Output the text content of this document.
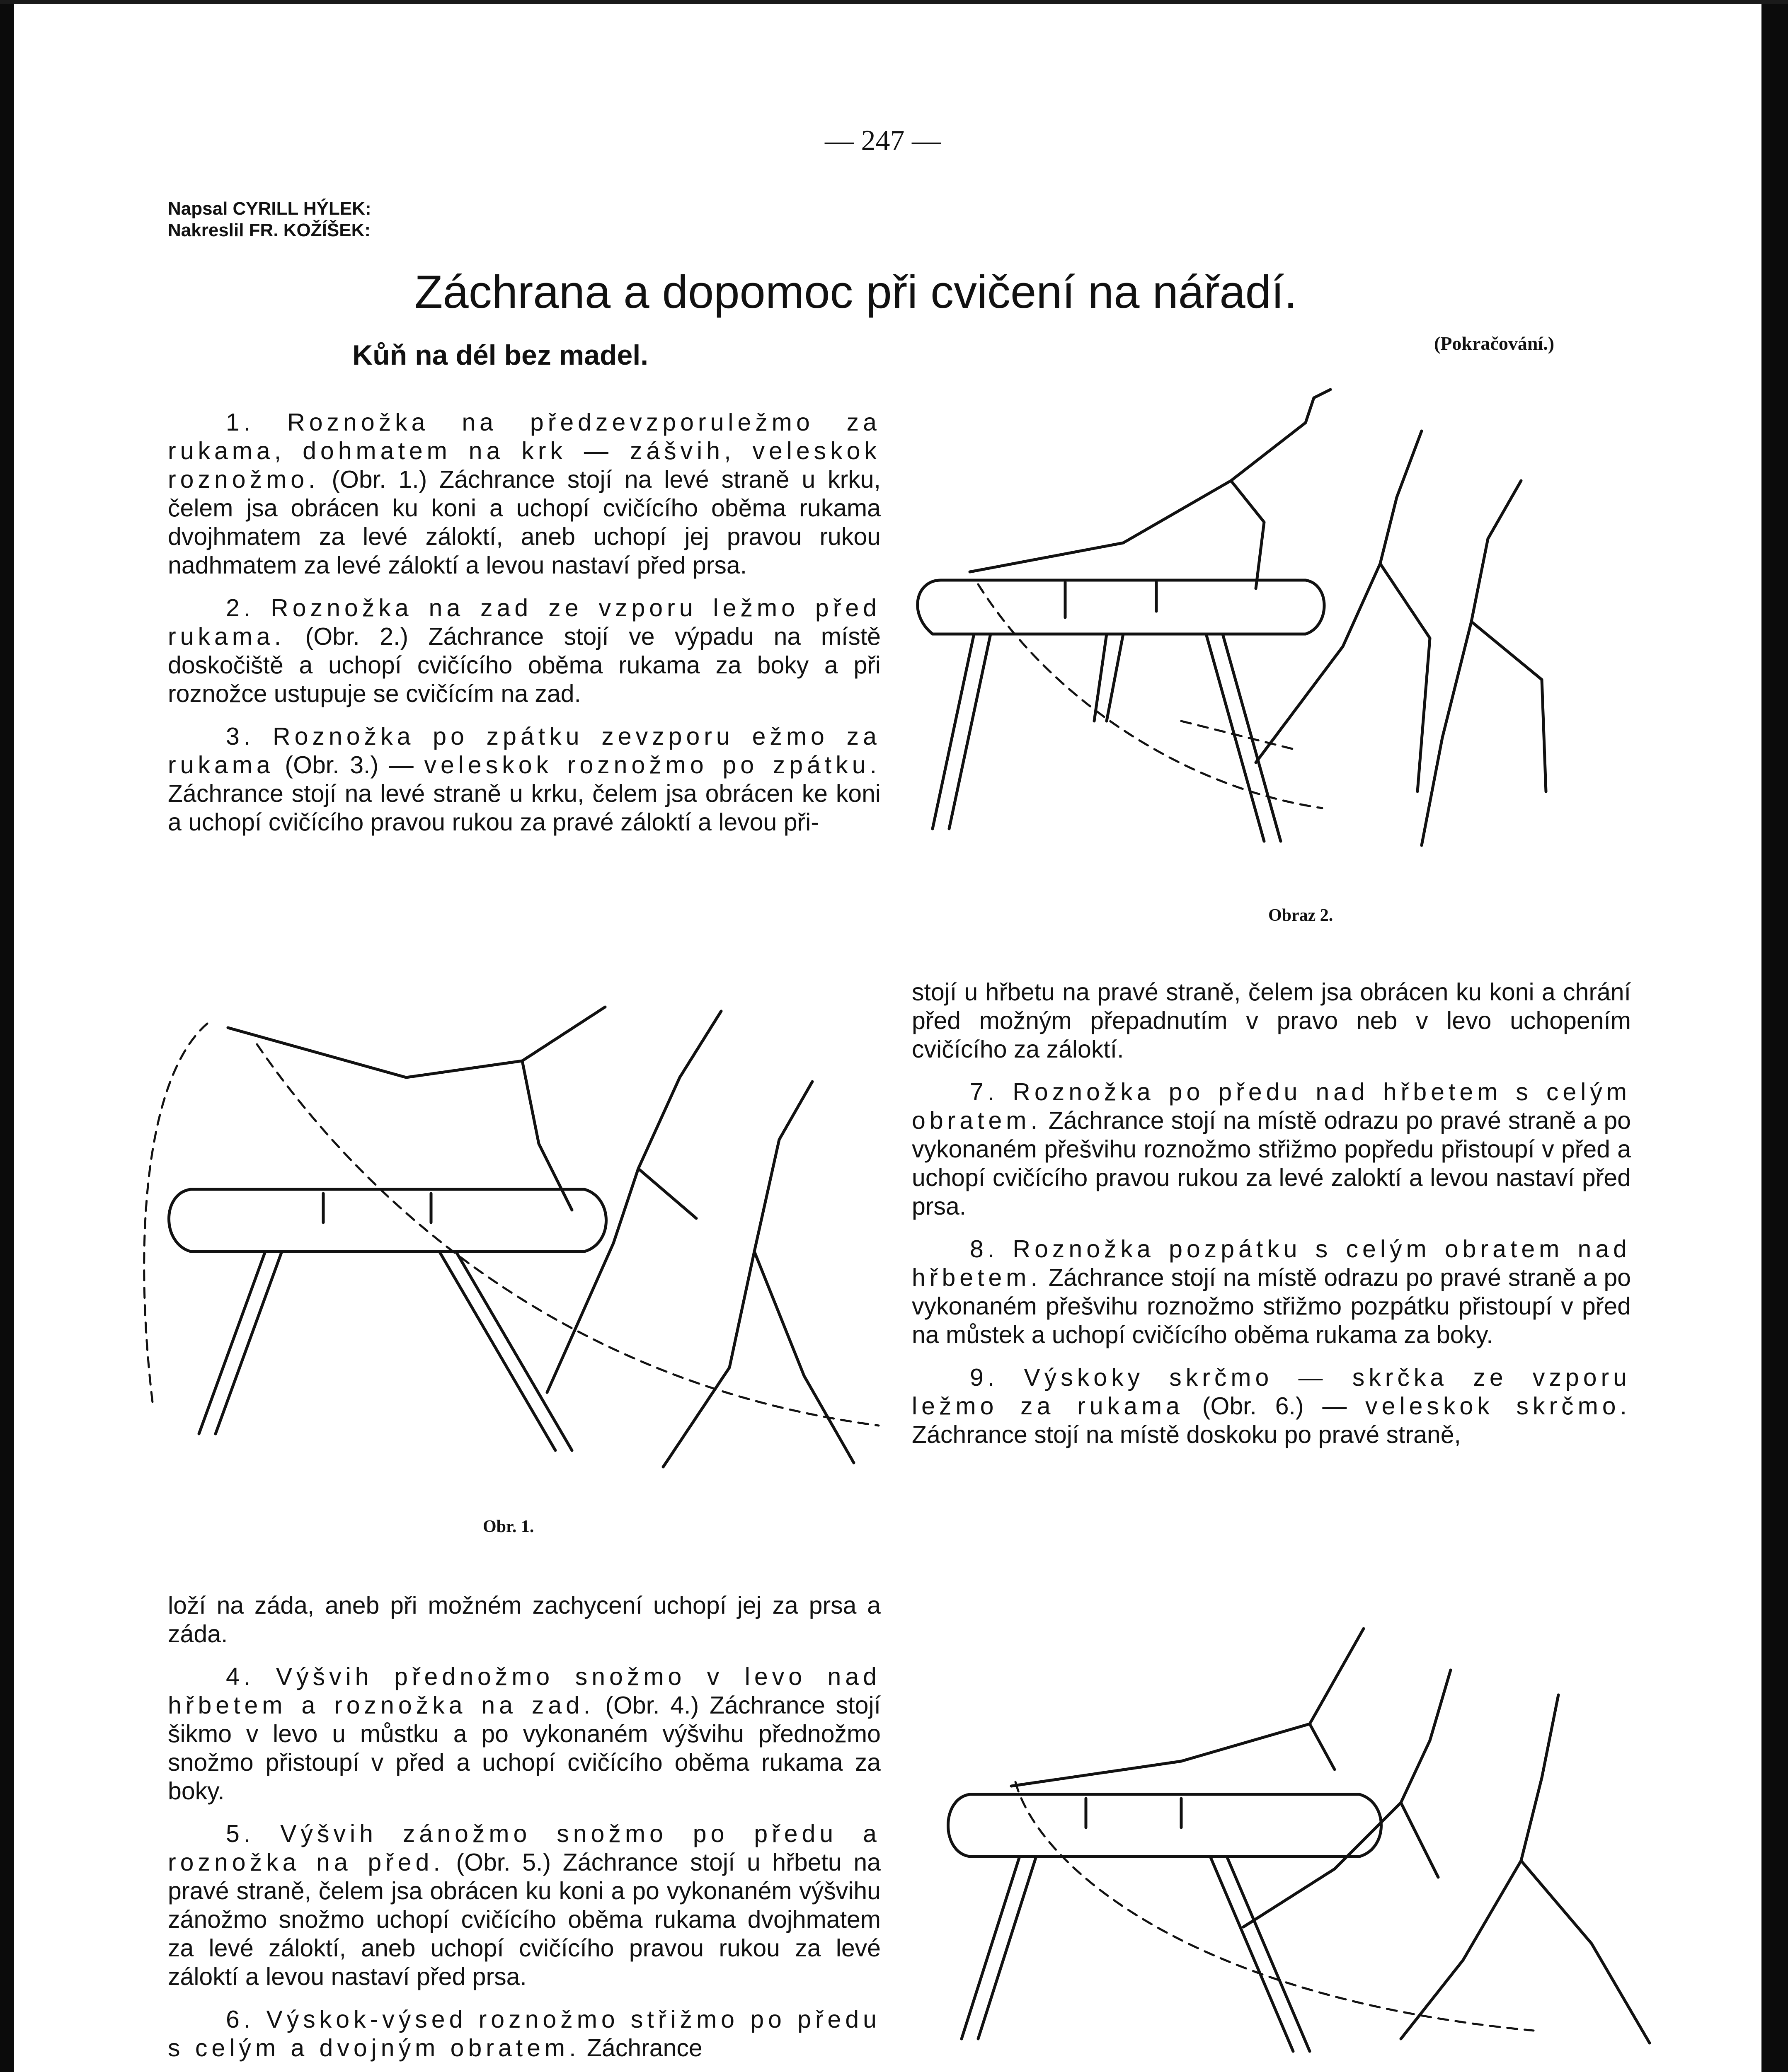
— 247 —
Napsal CYRILL HÝLEK:
Nakreslil FR. KOŽÍŠEK:
Záchrana a dopomoc při cvičení na nářadí.
(Pokračování.)
Kůň na dél bez madel.

1. Roznožka na předzevzporuležmo za rukama, dohmatem na krk — zášvih, veleskok roznožmo. (Obr. 1.) Záchrance stojí na levé straně u krku, čelem jsa obrácen ku koni a uchopí cvičícího oběma rukama dvojhmatem za levé záloktí, aneb uchopí jej pravou rukou nadhmatem za levé záloktí a levou nastaví před prsa.

2. Roznožka na zad ze vzporu ležmo před rukama. (Obr. 2.) Záchrance stojí ve výpadu na místě doskočiště a uchopí cvičícího oběma rukama za boky a při roznožce ustupuje se cvičícím na zad.

3. Roznožka po zpátku zevzporu ežmo za rukama (Obr. 3.) — veleskok roznožmo po zpátku. Záchrance stojí na levé straně u krku, čelem jsa obrácen ke koni a uchopí cvičícího pravou rukou za pravé záloktí a levou při-

Obraz 2.
Obr. 1.

stojí u hřbetu na pravé straně, čelem jsa obrácen ku koni a chrání před možným přepadnutím v pravo neb v levo uchopením cvičícího za záloktí.

7. Roznožka po předu nad hřbetem s celým obratem. Záchrance stojí na místě odrazu po pravé straně a po vykonaném přešvihu roznožmo střižmo popředu přistoupí v před a uchopí cvičícího pravou rukou za levé zaloktí a levou nastaví před prsa.

8. Roznožka pozpátku s celým obratem nad hřbetem. Záchrance stojí na místě odrazu po pravé straně a po vykonaném přešvihu roznožmo střižmo pozpátku přistoupí v před na můstek a uchopí cvičícího oběma rukama za boky.

9. Výskoky skrčmo — skrčka ze vzporu ležmo za rukama (Obr. 6.) — veleskok skrčmo. Záchrance stojí na místě doskoku po pravé straně,

loží na záda, aneb při možném zachycení uchopí jej za prsa a záda.

4. Výšvih přednožmo snožmo v levo nad hřbetem a roznožka na zad. (Obr. 4.) Záchrance stojí šikmo v levo u můstku a po vykonaném výšvihu přednožmo snožmo přistoupí v před a uchopí cvičícího oběma rukama za boky.

5. Výšvih zánožmo snožmo po předu a roznožka na před. (Obr. 5.) Záchrance stojí u hřbetu na pravé straně, čelem jsa obrácen ku koni a po vykonaném výšvihu zánožmo snožmo uchopí cvičícího oběma rukama dvojhmatem za levé záloktí, aneb uchopí cvičícího pravou rukou za levé záloktí a levou nastaví před prsa.

6. Výskok-výsed roznožmo střižmo po předu s celým a dvojným obratem. Záchrance
